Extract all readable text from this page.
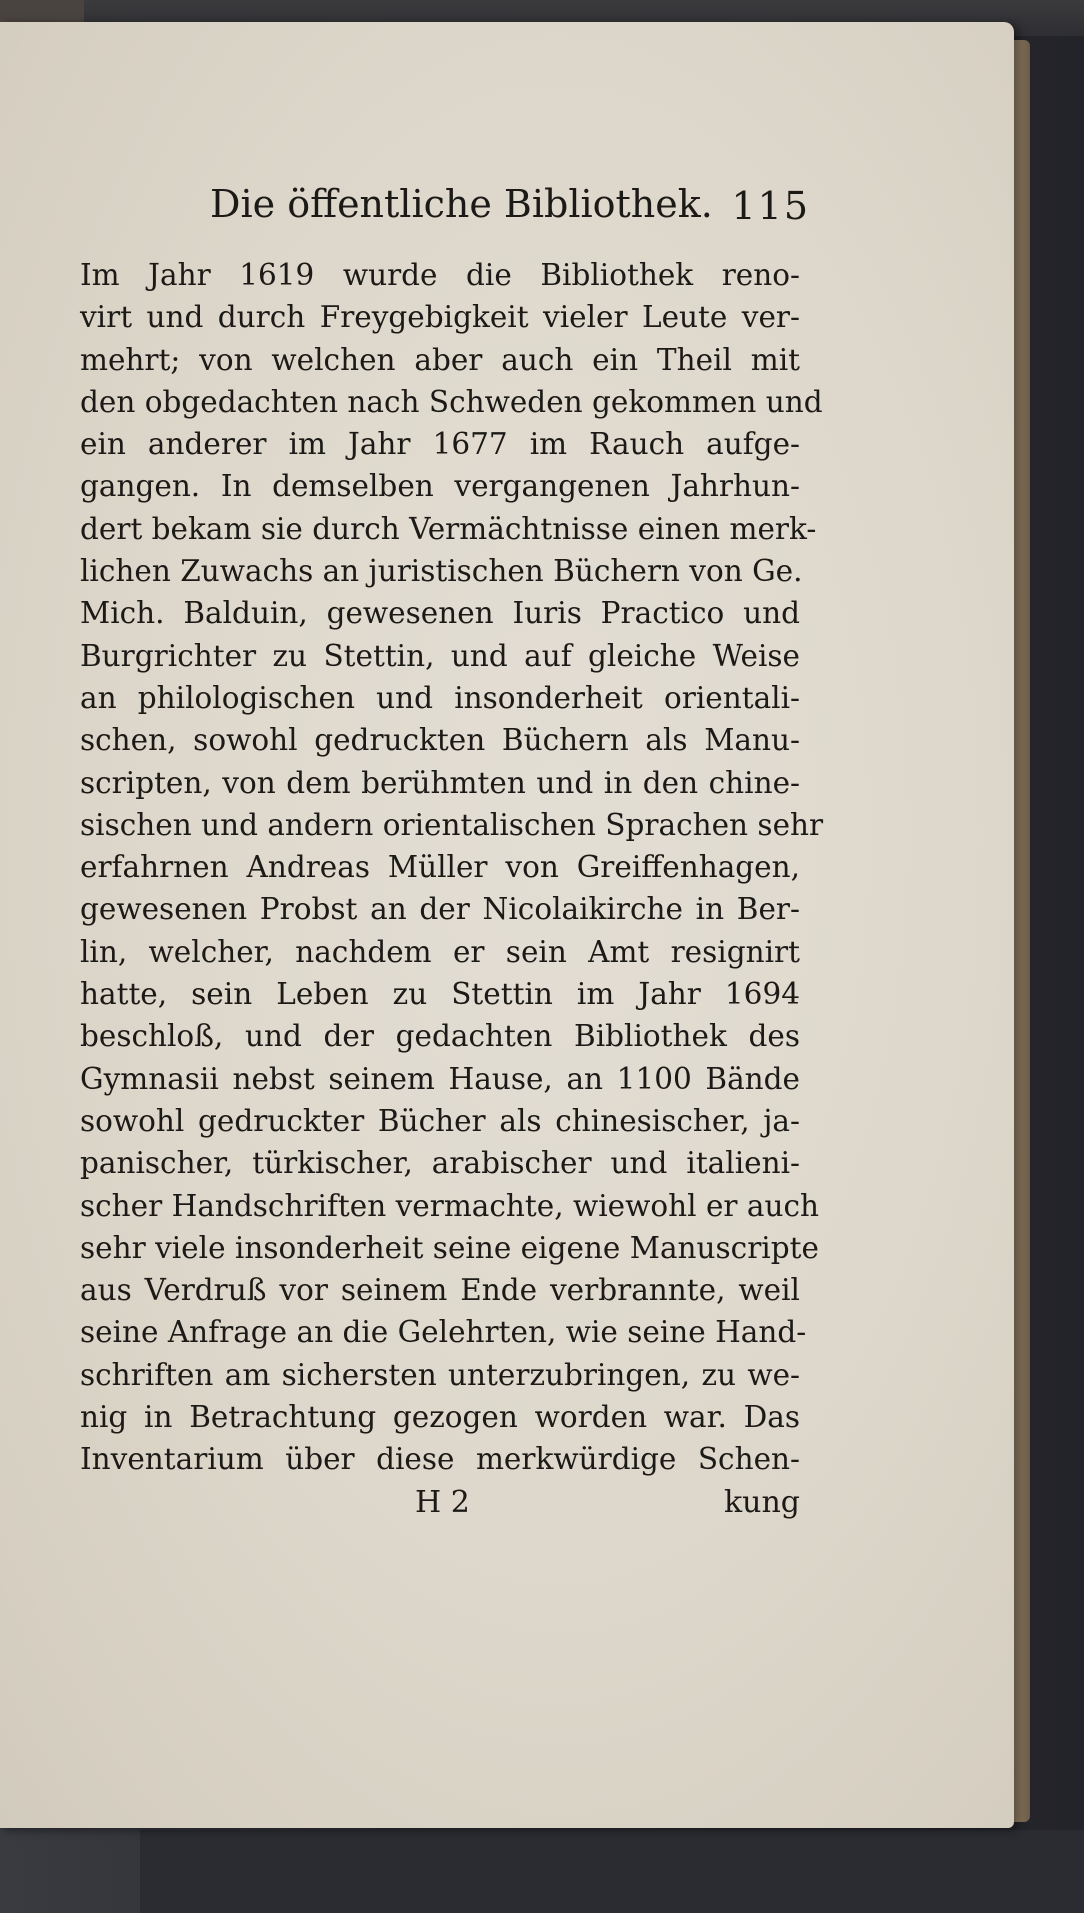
Die öffentliche Bibliothek. 115
Im Jahr 1619 wurde die Bibliothek reno-
virt und durch Freygebigkeit vieler Leute ver-
mehrt; von welchen aber auch ein Theil mit
den obgedachten nach Schweden gekommen und
ein anderer im Jahr 1677 im Rauch aufge-
gangen. In demselben vergangenen Jahrhun-
dert bekam sie durch Vermächtnisse einen merk-
lichen Zuwachs an juristischen Büchern von Ge.
Mich. Balduin, gewesenen Iuris Practico und
Burgrichter zu Stettin, und auf gleiche Weise
an philologischen und insonderheit orientali-
schen, sowohl gedruckten Büchern als Manu-
scripten, von dem berühmten und in den chine-
sischen und andern orientalischen Sprachen sehr
erfahrnen Andreas Müller von Greiffenhagen,
gewesenen Probst an der Nicolaikirche in Ber-
lin, welcher, nachdem er sein Amt resignirt
hatte, sein Leben zu Stettin im Jahr 1694
beschloß, und der gedachten Bibliothek des
Gymnasii nebst seinem Hause, an 1100 Bände
sowohl gedruckter Bücher als chinesischer, ja-
panischer, türkischer, arabischer und italieni-
scher Handschriften vermachte, wiewohl er auch
sehr viele insonderheit seine eigene Manuscripte
aus Verdruß vor seinem Ende verbrannte, weil
seine Anfrage an die Gelehrten, wie seine Hand-
schriften am sichersten unterzubringen, zu we-
nig in Betrachtung gezogen worden war. Das
Inventarium über diese merkwürdige Schen-
H 2	kung
